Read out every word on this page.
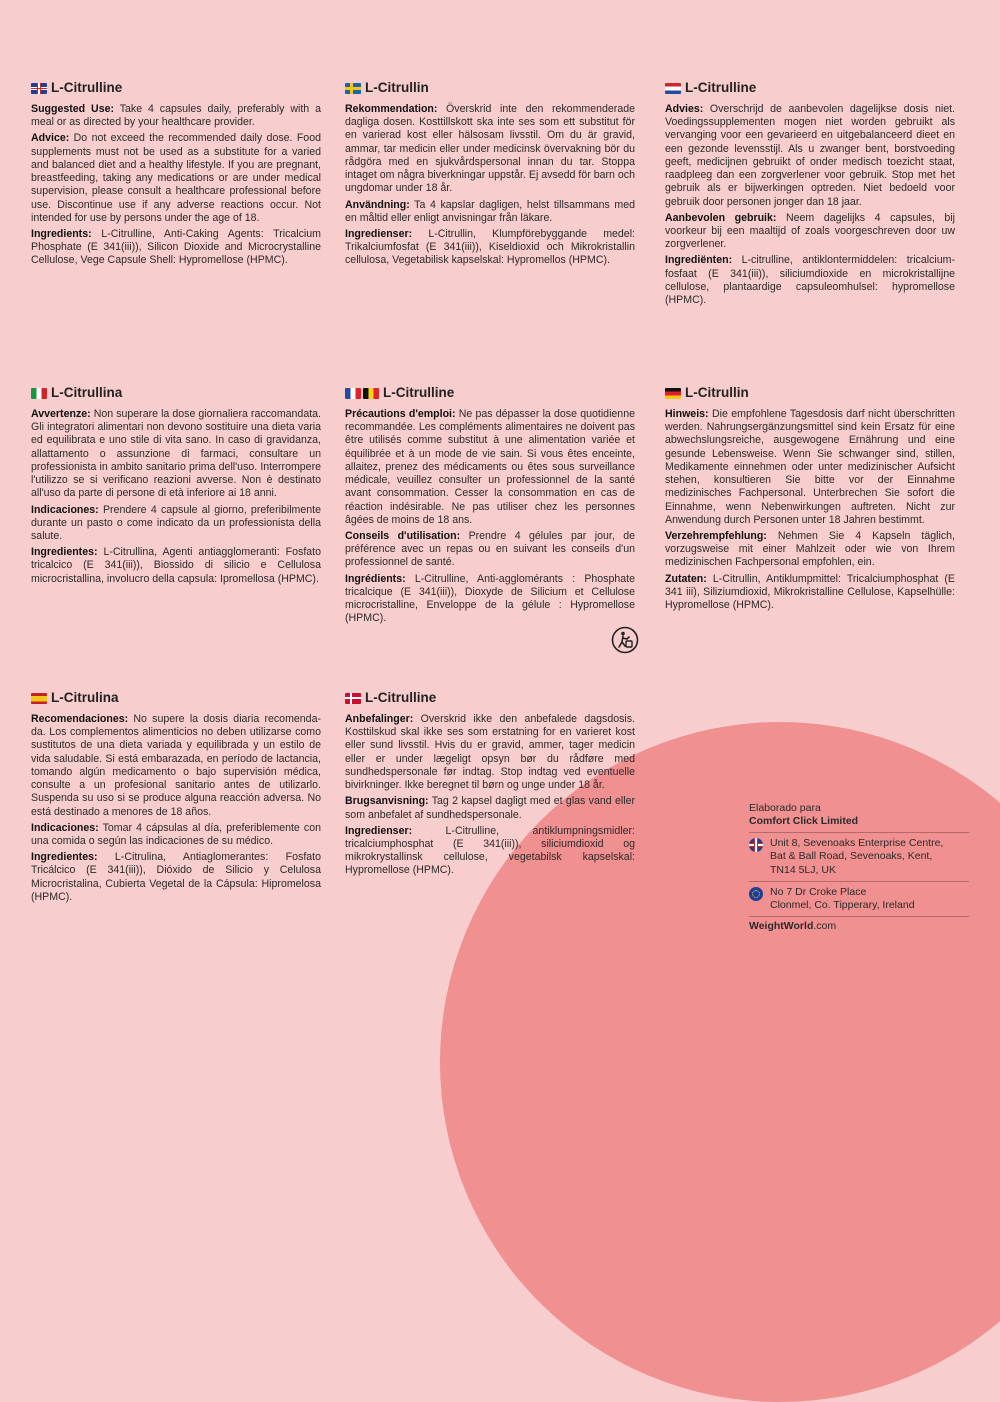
L-Citrulline

Suggested Use: Take 4 capsules daily, preferably with a meal or as directed by your healthcare provider.

Advice: Do not exceed the recommended daily dose. Food supplements must not be used as a substitute for a varied and balanced diet and a healthy lifestyle. If you are pregnant, breastfeeding, taking any medications or are under medical supervision, please consult a healthcare professional before use. Discontinue use if any adverse reactions occur. Not intended for use by persons under the age of 18.

Ingredients: L-Citrulline, Anti-Caking Agents: Tricalcium Phosphate (E 341(iii)), Silicon Dioxide and Microcrystalline Cellulose, Vege Capsule Shell: Hypromellose (HPMC).

L-Citrullin

Rekommendation: Överskrid inte den rekommenderade dagliga dosen. Kosttillskott ska inte ses som ett substitut för en varierad kost eller hälsosam livsstil. Om du är gravid, ammar, tar medicin eller under medicinsk övervakning bör du rådgöra med en sjukvårdspersonal innan du tar. Stoppa intaget om några biverkningar uppstår. Ej avsedd för barn och ungdomar under 18 år.

Användning: Ta 4 kapslar dagligen, helst tillsammans med en måltid eller enligt anvisningar från läkare.

Ingredienser: L-Citrullin, Klumpförebyggande medel: Trikalciumfosfat (E 341(iii)), Kiseldioxid och Mikrokristallin cellulosa, Vegetabilisk kapselskal: Hypromellos (HPMC).

L-Citrulline

Advies: Overschrijd de aanbevolen dagelijkse dosis niet. Voedingssupplementen mogen niet worden gebruikt als vervanging voor een gevarieerd en uitgebalanceerd dieet en een gezonde levensstijl. Als u zwanger bent, borstvoeding geeft, medicijnen gebruikt of onder medisch toezicht staat, raadpleeg dan een zorgverlener voor gebruik. Stop met het gebruik als er bijwerkingen optreden. Niet bedoeld voor gebruik door personen jonger dan 18 jaar.

Aanbevolen gebruik: Neem dagelijks 4 capsules, bij voorkeur bij een maaltijd of zoals voorgeschreven door uw zorgverlener.

Ingrediënten: L-citrulline, antiklontermiddelen: tricalcium-fosfaat (E 341(iii)), siliciumdioxide en microkristallijne cellulose, plantaardige capsuleomhulsel: hypromellose (HPMC).

L-Citrullina

Avvertenze: Non superare la dose giornaliera raccomandata. Gli integratori alimentari non devono sostituire una dieta varia ed equilibrata e uno stile di vita sano. In caso di gravidanza, allattamento o assunzione di farmaci, consultare un professionista in ambito sanitario prima dell'uso. Interrompere l'utilizzo se si verificano reazioni avverse. Non è destinato all'uso da parte di persone di età inferiore ai 18 anni.

Indicaciones: Prendere 4 capsule al giorno, preferibilmente durante un pasto o come indicato da un professionista della salute.

Ingredientes: L-Citrullina, Agenti antiagglomeranti: Fosfato tricalcico (E 341(iii)), Biossido di silicio e Cellulosa microcristallina, involucro della capsula: Ipromellosa (HPMC).

L-Citrulline

Précautions d'emploi: Ne pas dépasser la dose quotidienne recommandée. Les compléments alimentaires ne doivent pas être utilisés comme substitut à une alimentation variée et équilibrée et à un mode de vie sain. Si vous êtes enceinte, allaitez, prenez des médicaments ou êtes sous surveillance médicale, veuillez consulter un professionnel de la santé avant consommation. Cesser la consommation en cas de réaction indésirable. Ne pas utiliser chez les personnes âgées de moins de 18 ans.

Conseils d'utilisation: Prendre 4 gélules par jour, de préférence avec un repas ou en suivant les conseils d'un professionnel de santé.

Ingrédients: L-Citrulline, Anti-agglomérants : Phosphate tricalcique (E 341(iii)), Dioxyde de Silicium et Cellulose microcristalline, Enveloppe de la gélule : Hypromellose (HPMC).

L-Citrullin

Hinweis: Die empfohlene Tagesdosis darf nicht überschritten werden. Nahrungsergänzungsmittel sind kein Ersatz für eine abwechslungsreiche, ausgewogene Ernährung und eine gesunde Lebensweise. Wenn Sie schwanger sind, stillen, Medikamente einnehmen oder unter medizinischer Aufsicht stehen, konsultieren Sie bitte vor der Einnahme medizinisches Fachpersonal. Unterbrechen Sie sofort die Einnahme, wenn Nebenwirkungen auftreten. Nicht zur Anwendung durch Personen unter 18 Jahren bestimmt.

Verzehrempfehlung: Nehmen Sie 4 Kapseln täglich, vorzugsweise mit einer Mahlzeit oder wie von Ihrem medizinischen Fachpersonal empfohlen, ein.

Zutaten: L-Citrullin, Antiklumpmittel: Tricalciumphosphat (E 341 iii), Siliziumdioxid, Mikrokristalline Cellulose, Kapselhülle: Hypromellose (HPMC).

L-Citrulina

Recomendaciones: No supere la dosis diaria recomenda-da. Los complementos alimenticios no deben utilizarse como sustitutos de una dieta variada y equilibrada y un estilo de vida saludable. Si está embarazada, en período de lactancia, tomando algún medicamento o bajo supervisión médica, consulte a un profesional sanitario antes de utilizarlo. Suspenda su uso si se produce alguna reacción adversa. No está destinado a menores de 18 años.

Indicaciones: Tomar 4 cápsulas al día, preferiblemente con una comida o según las indicaciones de su médico.

Ingredientes: L-Citrulina, Antiaglomerantes: Fosfato Tricálcico (E 341(iii)), Dióxido de Silicio y Celulosa Microcristalina, Cubierta Vegetal de la Cápsula: Hipromelosa (HPMC).

L-Citrulline

Anbefalinger: Overskrid ikke den anbefalede dagsdosis. Kosttilskud skal ikke ses som erstatning for en varieret kost eller sund livsstil. Hvis du er gravid, ammer, tager medicin eller er under lægeligt opsyn bør du rådføre med sundhedspersonale før indtag. Stop indtag ved eventuelle bivirkninger. Ikke beregnet til børn og unge under 18 år.

Brugsanvisning: Tag 2 kapsel dagligt med et glas vand eller som anbefalet af sundhedspersonale.

Ingredienser: L-Citrulline, antiklumpningsmidler: tricalciumphosphat (E 341(iii)), siliciumdioxid og mikrokrystallinsk cellulose, vegetabilsk kapselskal: Hypromellose (HPMC).

Elaborado para

Comfort Click Limited

Unit 8, Sevenoaks Enterprise Centre,
Bat & Ball Road, Sevenoaks, Kent,
TN14 5LJ, UK
No 7 Dr Croke Place
Clonmel, Co. Tipperary, Ireland
WeightWorld.com
